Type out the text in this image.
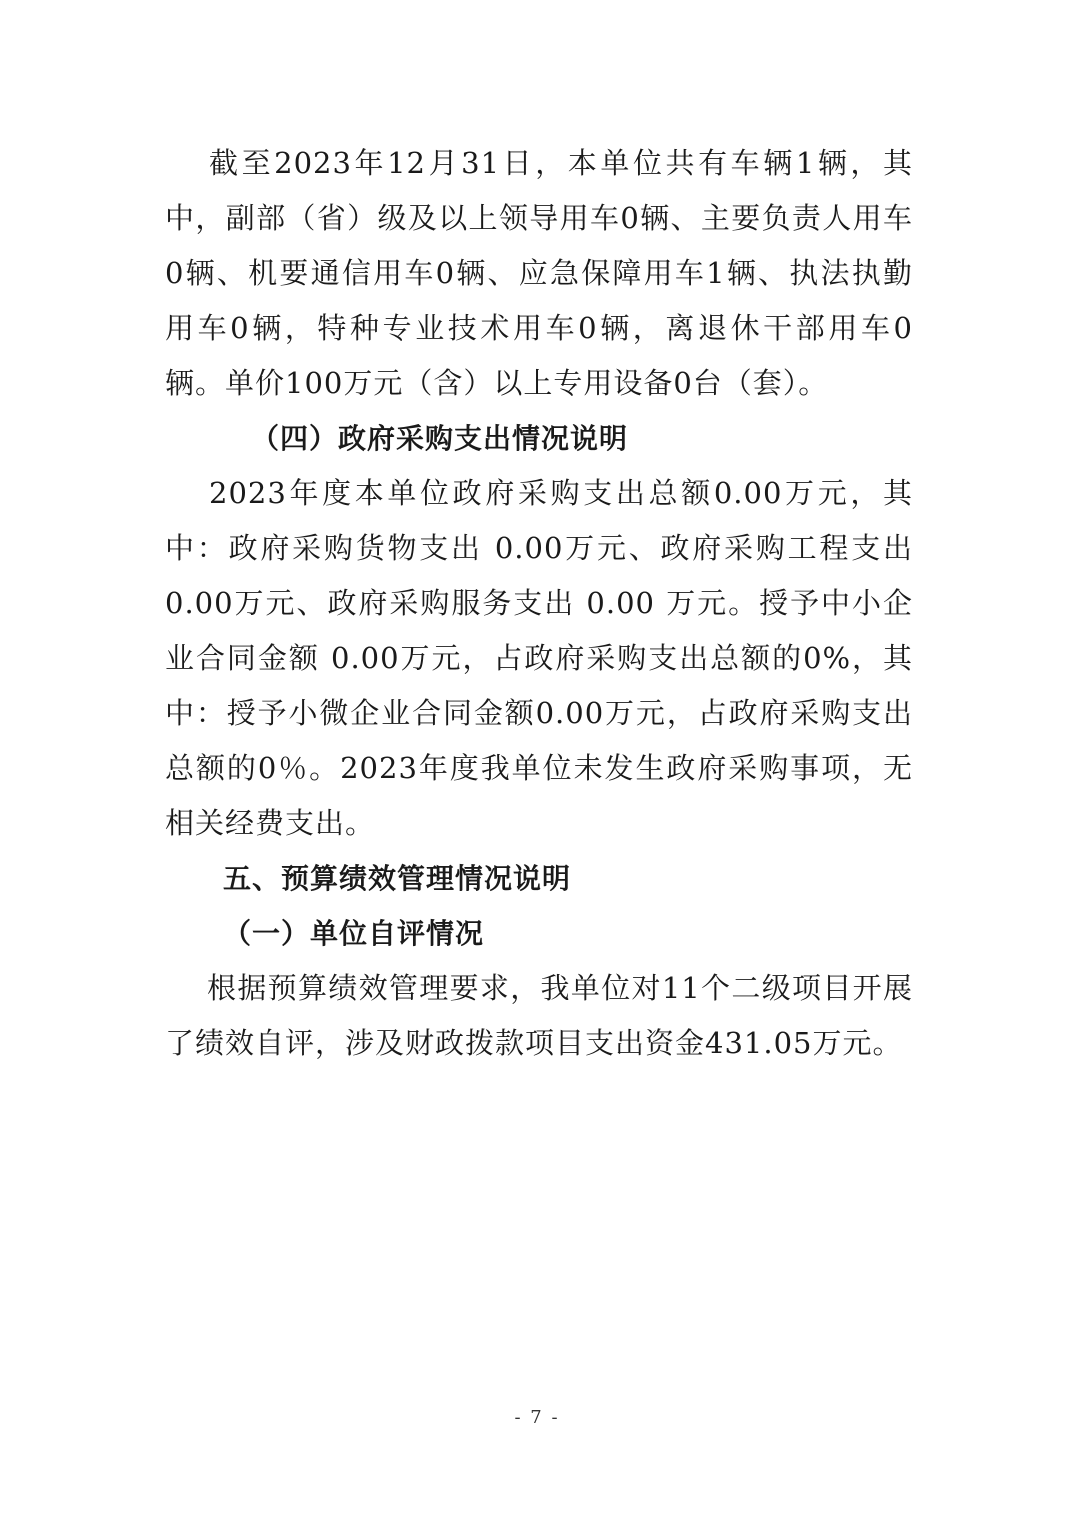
截至2023年12月31日，本单位共有车辆1辆，其中，副部（省）级及以上领导用车0辆、主要负责人用车0辆、机要通信用车0辆、应急保障用车1辆、执法执勤用车0辆，特种专业技术用车0辆，离退休干部用车0辆。单价100万元（含）以上专用设备0台（套）。

（四）政府采购支出情况说明

2023年度本单位政府采购支出总额0.00万元，其中：政府采购货物支出 0.00万元、政府采购工程支出 0.00万元、政府采购服务支出 0.00 万元。授予中小企业合同金额 0.00万元，占政府采购支出总额的0%，其中：授予小微企业合同金额0.00万元，占政府采购支出总额的0％。2023年度我单位未发生政府采购事项，无相关经费支出。

五、预算绩效管理情况说明

（一）单位自评情况

根据预算绩效管理要求，我单位对11个二级项目开展了绩效自评，涉及财政拨款项目支出资金431.05万元。

- 7 -
